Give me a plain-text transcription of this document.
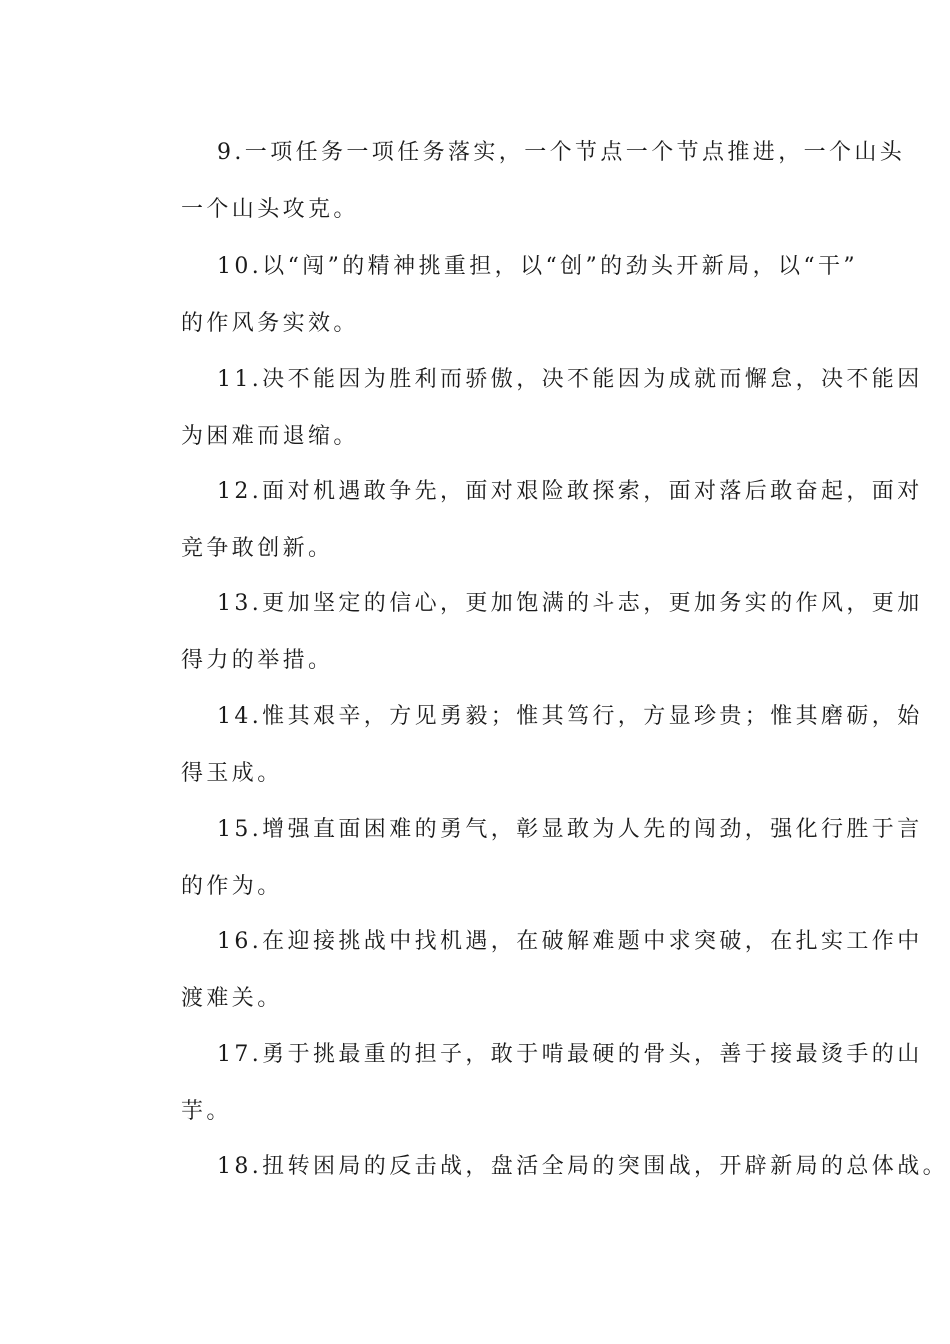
9.一项任务一项任务落实，一个节点一个节点推进，一个山头
一个山头攻克。
10.以“闯”的精神挑重担，以“创”的劲头开新局，以“干”
的作风务实效。
11.决不能因为胜利而骄傲，决不能因为成就而懈怠，决不能因
为困难而退缩。
12.面对机遇敢争先，面对艰险敢探索，面对落后敢奋起，面对
竞争敢创新。
13.更加坚定的信心，更加饱满的斗志，更加务实的作风，更加
得力的举措。
14.惟其艰辛，方见勇毅；惟其笃行，方显珍贵；惟其磨砺，始
得玉成。
15.增强直面困难的勇气，彰显敢为人先的闯劲，强化行胜于言
的作为。
16.在迎接挑战中找机遇，在破解难题中求突破，在扎实工作中
渡难关。
17.勇于挑最重的担子，敢于啃最硬的骨头，善于接最烫手的山
芋。
18.扭转困局的反击战，盘活全局的突围战，开辟新局的总体战。
